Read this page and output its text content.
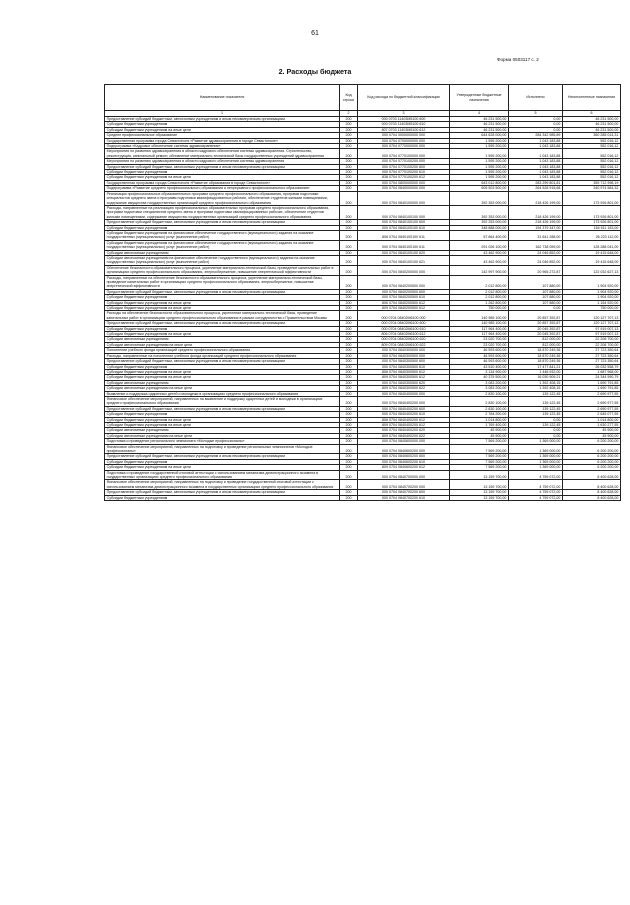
61
Форма 0503117 с. 2
2. Расходы бюджета
Наименование показателя	Код строки	Код расхода по бюджетной классификации	Утвержденные бюджетные назначения	Исполнено	Неисполненные назначения
1	2	3	4	5	6
Предоставление субсидий бюджетным, автономным учреждениям и иным некоммерческим организациям	200	000 0703 11403M5100 600	46 231 500,00	0,00	46 231 500,00
Субсидии бюджетным учреждениям	200	000 0703 11403M5100 610	46 231 500,00	0,00	46 231 500,00
Субсидии бюджетным учреждениям на иные цели	200	807 0703 11403M5100 612	46 231 500,00	0,00	46 231 500,00
Среднее профессиональное образование	200	000 0704 0000000000 000	644 628 000,00	284 342 985,89	360 285 014,31
Государственная программа города Севастополя «Развитие здравоохранения в городе Севастополе»	200	000 0704 0700000000 000	1 595 200,00	1 043 183,88	552 016,12
Подпрограмма «Кадровое обеспечение системы здравоохранения»	200	000 0704 0770000000 000	1 595 200,00	1 043 183,88	552 016,12
Мероприятия по развитию здравоохранения в области кадрового обеспечения системы здравоохранения. Строительство, реконструкция, капитальный ремонт, обновление материально-технической базы государственных учреждений здравоохранения	200	000 0704 0770100000 000	1 595 200,00	1 043 183,88	552 016,12
Мероприятия по развитию здравоохранения в области кадрового обеспечения системы здравоохранения	200	000 0704 0770100200 000	1 595 200,00	1 043 183,88	552 016,12
Предоставление субсидий бюджетным, автономным учреждениям и иным некоммерческим организациям	200	000 0704 0770100200 600	1 595 200,00	1 043 183,88	552 016,12
Субсидии бюджетным учреждениям	200	000 0704 0770100200 610	1 595 200,00	1 043 183,88	552 016,12
Субсидии бюджетным учреждениям на иные цели	200	838 0704 0770100200 612	1 595 200,00	1 043 183,88	552 016,12
Государственная программа города Севастополя «Развитие образования в городе Севастополе»	200	000 0704 0800000000 000	643 012 800,00	283 299 801,81	359 712 998,19
Подпрограмма «Развитие среднего профессионального образования и непрерывного профессионального образования»	200	000 0704 0840000000 000	605 503 500,00	264 528 915,68	340 974 584,32
Реализация профессиональных образовательных программ среднего профессионального образования, программ подготовки специалистов среднего звена и программ подготовки квалифицированных рабочих, обеспечение студентов жилыми помещениями, содержание имущества государственных организаций среднего профессионального образования	200	000 0704 0840100000 000	392 353 000,00	218 426 199,00	173 926 801,00
Расходы, направленные на реализацию профессиональных образовательных программ среднего профессионального образования, программ подготовки специалистов среднего звена и программ подготовки квалифицированных рабочих, обеспечение студентов жилыми помещениями, содержание имущества государственных организаций среднего профессионального образования	200	000 0704 0840100100 000	392 353 000,00	218 426 199,00	173 926 801,00
Предоставление субсидий бюджетным, автономным учреждениям и иным некоммерческим организациям	200	000 0704 0840100100 600	392 253 000,00	218 426 199,00	173 926 801,00
Субсидии бюджетным учреждениям	200	000 0704 0840100100 610	348 888 000,00	194 379 347,00	154 511 153,00
Субсидии бюджетным учреждениям на финансовое обеспечение государственного (муниципального) задания на оказание государственных (муниципальных) услуг (выполнение работ)	200	806 0704 0840100100 611	57 864 400,00	31 641 288,00	26 223 112,00
Субсидии бюджетным учреждениям на финансовое обеспечение государственного (муниципального) задания на оказание государственных (муниципальных) услуг (выполнение работ)	200	000 0704 0840100100 611	291 026 100,00	162 738 059,00	128 288 041,00
Субсидии автономным учреждениям	200	000 0704 0840100100 620	43 462 900,00	24 046 852,00	19 415 648,00
Субсидии автономным учреждениям на финансовое обеспечение государственного (муниципального) задания на оказание государственных (муниципальных) услуг (выполнение работ)	200	000 0704 0840100100 621	43 462 900,00	24 046 852,00	19 415 648,00
Обеспечение безопасности образовательного процесса, укрепление материально-технической базы, проведение капитальных работ в организациях среднего профессионального образования, энергосбережение, повышение энергетической эффективности	200	000 0704 0840200000 000	142 997 900,00	20 965 272,87	122 032 627,13
Расходы, направленные на обеспечение безопасности образовательного процесса, укрепление материально-технической базы, проведение капитальных работ в организациях среднего профессионального образования, энергосбережение, повышение энергетической эффективности	200	000 0704 0840200500 000	2 012 800,00	107 880,00	1 904 920,00
Предоставление субсидий бюджетным, автономным учреждениям и иным некоммерческим организациям	200	000 0704 0840200500 600	2 012 800,00	107 880,00	1 904 920,00
Субсидии бюджетным учреждениям	200	000 0704 0840200500 610	2 012 800,00	107 880,00	1 904 920,00
Субсидии бюджетным учреждениям на иные цели	200	806 0704 0840200500 612	1 262 800,00	107 880,00	1 154 920,00
Субсидии бюджетным учреждениям на иные цели	200	809 0704 0840200500 612	750 000,00	0,00	750 000,00
Расходы на обеспечение безопасности образовательного процесса, укрепление материально-технической базы, проведение капитальных работ в организациях среднего профессионального образования в рамках сотрудничества с Правительством Москвы	200	000 0704 08402M6100 000	140 985 100,00	20 857 392,87	120 127 707,13
Предоставление субсидий бюджетным, автономным учреждениям и иным некоммерческим организациям	200	000 0704 08402M6100 600	140 985 100,00	20 857 392,87	120 127 707,13
Субсидии бюджетным учреждениям	200	000 0704 08402M6100 610	117 964 400,00	20 045 392,87	97 919 007,13
Субсидии бюджетным учреждениям на иные цели	200	806 0704 08402M6100 612	117 964 400,00	20 045 392,87	97 919 007,13
Субсидии автономным учреждениям	200	000 0704 08402M6100 620	23 020 700,00	812 000,00	22 208 700,00
Субсидии автономным учреждениям на иные цели	200	809 0704 08402M6100 622	23 020 700,00	812 000,00	22 208 700,00
Пополнение учебного фонда организаций среднего профессионального образования	200	000 0704 0840300000 000	46 593 600,00	18 870 249,36	27 723 350,64
Расходы, направленные на пополнение учебного фонда организаций среднего профессионального образования	200	000 0704 0840300500 000	46 593 600,00	18 870 249,36	27 723 350,64
Предоставление субсидий бюджетным, автономным учреждениям и иным некоммерческим организациям	200	000 0704 0840300500 600	46 593 600,00	18 870 249,36	27 723 350,64
Субсидии бюджетным учреждениям	200	000 0704 0840300500 610	43 510 400,00	17 477 841,21	26 032 558,79
Субсидии бюджетным учреждениям на иные цели	200	806 0704 0840300500 612	3 134 900,00	1 446 932,00	1 687 968,00
Субсидии бюджетным учреждениям на иные цели	200	809 0704 0840300500 612	40 375 500,00	16 030 909,21	24 344 590,79
Субсидии автономным учреждениям	200	000 0704 0840300500 620	3 083 200,00	1 392 408,15	1 690 791,85
Субсидии автономным учреждениям на иные цели	200	809 0704 0840300500 622	3 083 200,00	1 392 408,15	1 690 791,85
Выявление и поддержка одаренных детей и молодежи в организациях среднего профессионального образования	200	000 0704 0840400000 000	2 830 100,00	139 122,45	2 690 977,55
Финансовое обеспечение мероприятий, направленных на выявление и поддержку одаренных детей и молодежи в организациях среднего профессионального образования	200	000 0704 0840400200 000	2 830 100,00	139 122,45	2 690 977,55
Предоставление субсидий бюджетным, автономным учреждениям и иным некоммерческим организациям	200	000 0704 0840400200 600	2 830 100,00	139 122,45	2 690 977,55
Субсидии бюджетным учреждениям	200	000 0704 0840400200 610	2 784 200,00	139 122,45	2 645 077,55
Субсидии бюджетным учреждениям на иные цели	200	806 0704 0840400200 612	1 014 800,00	0,00	1 014 800,00
Субсидии бюджетным учреждениям на иные цели	200	809 0704 0840400200 612	1 769 400,00	139 122,45	1 630 277,55
Субсидии автономным учреждениям	200	000 0704 0840400200 620	45 900,00	0,00	45 900,00
Субсидии автономным учреждениям на иные цели	200	809 0704 0840400200 622	45 900,00	0,00	45 900,00
Подготовка и проведение регионального чемпионата «Молодые профессионалы»	200	000 0704 0840600000 000	7 569 200,00	1 369 000,00	6 200 200,00
Финансовое обеспечение мероприятий, направленных на подготовку и проведение региональных чемпионатов «Молодые профессионалы»	200	000 0704 0840600200 000	7 569 200,00	1 369 000,00	6 200 200,00
Предоставление субсидий бюджетным, автономным учреждениям и иным некоммерческим организациям	200	000 0704 0840600200 600	7 569 200,00	1 369 000,00	6 200 200,00
Субсидии бюджетным учреждениям	200	000 0704 0840600200 610	7 569 200,00	1 369 000,00	6 200 200,00
Субсидии бюджетным учреждениям на иные цели	200	809 0704 0840600200 612	7 569 200,00	1 369 000,00	6 200 200,00
Подготовка и проведение государственной итоговой аттестации с использованием механизма демонстрационного экзамена в государственных организациях среднего профессионального образования	200	000 0704 0840700000 000	13 159 700,00	4 759 072,00	8 400 628,00
Финансовое обеспечение мероприятий, направленных на подготовку и проведение государственной итоговой аттестации с использованием механизма демонстрационного экзамена в государственных организациях среднего профессионального образования	200	000 0704 0840700200 000	13 159 700,00	4 759 072,00	8 400 628,00
Предоставление субсидий бюджетным, автономным учреждениям и иным некоммерческим организациям	200	000 0704 0840700200 600	13 159 700,00	4 759 072,00	8 400 628,00
Субсидии бюджетным учреждениям	200	000 0704 0840700200 610	13 159 700,00	4 759 072,00	8 400 628,00
